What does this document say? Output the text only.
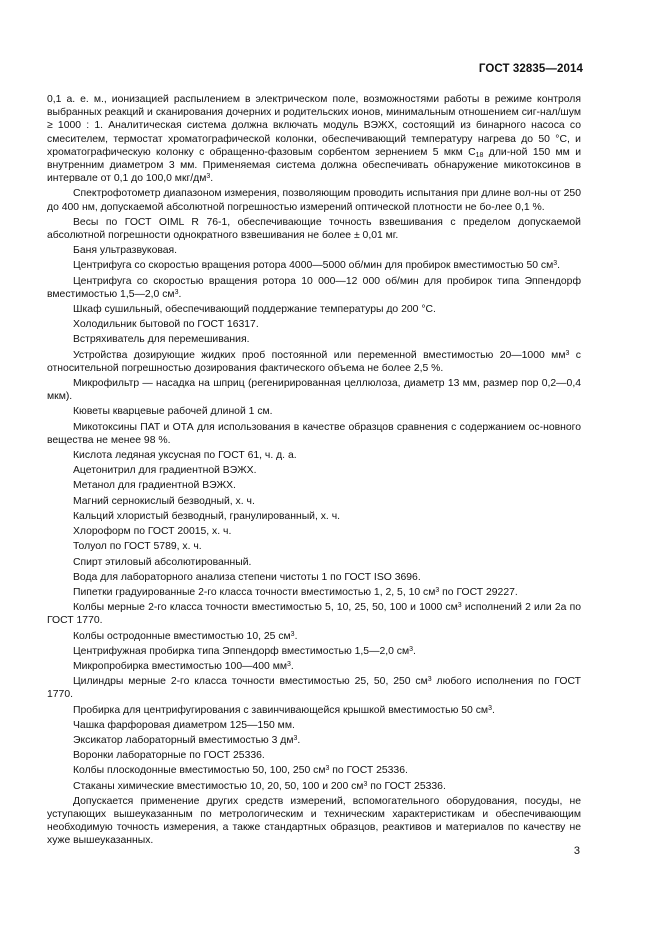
ГОСТ 32835—2014

0,1 а. е. м., ионизацией распылением в электрическом поле, возможностями работы в режиме контроля выбранных реакций и сканирования дочерних и родительских ионов, минимальным отношением сиг-нал/шум ≥ 1000 : 1. Аналитическая система должна включать модуль ВЭЖХ, состоящий из бинарного насоса со смесителем, термостат хроматографической колонки, обеспечивающий температуру нагрева до 50 °С, и хроматографическую колонку с обращенно-фазовым сорбентом зернением 5 мкм $C_{18}$ дли-ной 150 мм и внутренним диаметром 3 мм. Применяемая система должна обеспечивать обнаружение микотоксинов в интервале от 0,1 до 100,0 мкг/$дм^3$.

Спектрофотометр диапазоном измерения, позволяющим проводить испытания при длине вол-ны от 250 до 400 нм, допускаемой абсолютной погрешностью измерений оптической плотности не бо-лее 0,1 %.

Весы по ГОСТ OIML R 76-1, обеспечивающие точность взвешивания с пределом допускаемой абсолютной погрешности однократного взвешивания не более ± 0,01 мг.

Баня ультразвуковая.

Центрифуга со скоростью вращения ротора 4000—5000 об/мин для пробирок вместимостью 50 $см^3$.

Центрифуга со скоростью вращения ротора 10 000—12 000 об/мин для пробирок типа Эппендорф вместимостью 1,5—2,0 $см^3$.

Шкаф сушильный, обеспечивающий поддержание температуры до 200 °С.

Холодильник бытовой по ГОСТ 16317.

Встряхиватель для перемешивания.

Устройства дозирующие жидких проб постоянной или переменной вместимостью 20—1000 $мм^3$ с относительной погрешностью дозирования фактического объема не более 2,5 %.

Микрофильтр — насадка на шприц (регенирированная целлюлоза, диаметр 13 мм, размер пор 0,2—0,4 мкм).

Кюветы кварцевые рабочей длиной 1 см.

Микотоксины ПАТ и ОТА для использования в качестве образцов сравнения с содержанием ос-новного вещества не менее 98 %.

Кислота ледяная уксусная по ГОСТ 61, ч. д. а.

Ацетонитрил для градиентной ВЭЖХ.

Метанол для градиентной ВЭЖХ.

Магний сернокислый безводный, х. ч.

Кальций хлористый безводный, гранулированный, х. ч.

Хлороформ по ГОСТ 20015, х. ч.

Толуол по ГОСТ 5789, х. ч.

Спирт этиловый абсолютированный.

Вода для лабораторного анализа степени чистоты 1 по ГОСТ ISO 3696.

Пипетки градуированные 2-го класса точности вместимостью 1, 2, 5, 10 $см^3$ по ГОСТ 29227.

Колбы мерные 2-го класса точности вместимостью 5, 10, 25, 50, 100 и 1000 $см^3$ исполнений 2 или 2а по ГОСТ 1770.

Колбы остродонные вместимостью 10, 25 $см^3$.

Центрифужная пробирка типа Эппендорф вместимостью 1,5—2,0 $см^3$.

Микропробирка вместимостью 100—400 $мм^3$.

Цилиндры мерные 2-го класса точности вместимостью 25, 50, 250 $см^3$ любого исполнения по ГОСТ 1770.

Пробирка для центрифугирования с завинчивающейся крышкой вместимостью 50 $см^3$.

Чашка фарфоровая диаметром 125—150 мм.

Эксикатор лабораторный вместимостью 3 $дм^3$.

Воронки лабораторные по ГОСТ 25336.

Колбы плоскодонные вместимостью 50, 100, 250 $см^3$ по ГОСТ 25336.

Стаканы химические вместимостью 10, 20, 50, 100 и 200 $см^3$ по ГОСТ 25336.

Допускается применение других средств измерений, вспомогательного оборудования, посуды, не уступающих вышеуказанным по метрологическим и техническим характеристикам и обеспечивающим необходимую точность измерения, а также стандартных образцов, реактивов и материалов по качеству не хуже вышеуказанных.

3
